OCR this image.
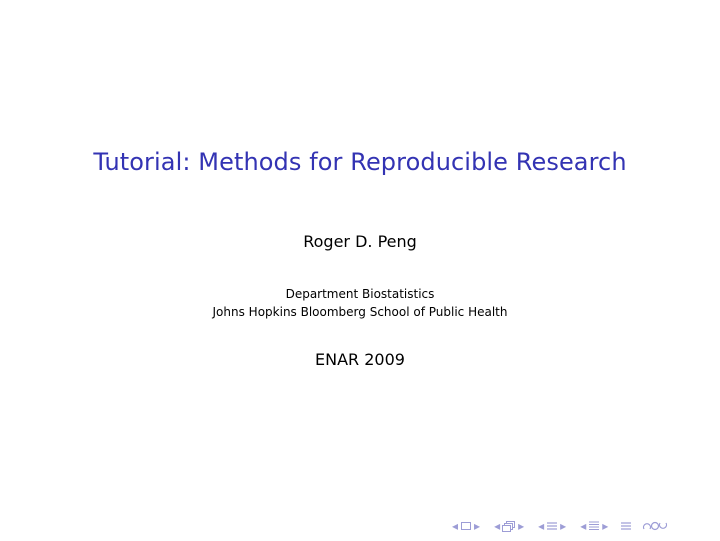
Tutorial: Methods for Reproducible Research
Roger D. Peng
Department Biostatistics
Johns Hopkins Bloomberg School of Public Health
ENAR 2009
◂ ▸ ◂ ▸ ◂ ▸ ◂ ▸
